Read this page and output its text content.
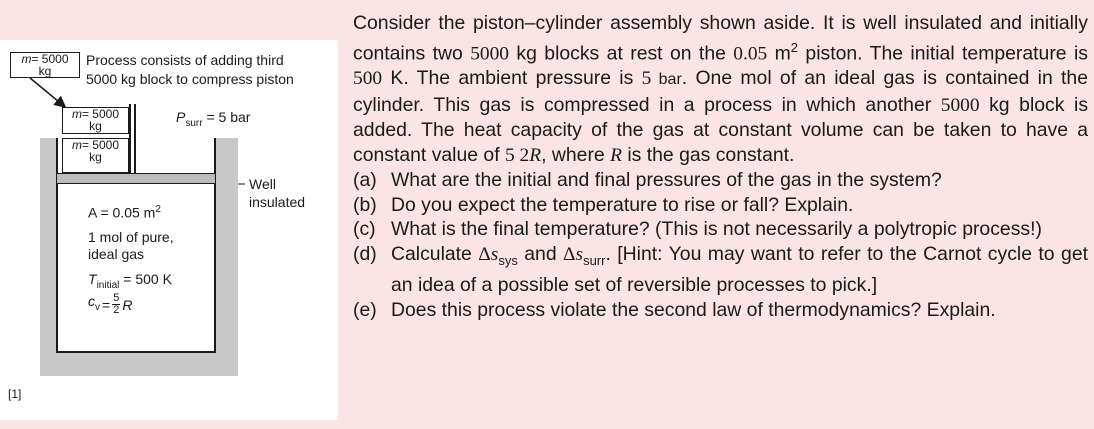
m= 5000
kg
Process consists of adding third
5000 kg block to compress piston
m= 5000
kg
m= 5000
kg
$P_{surr} = 5$ bar
Well
insulated
A = 0.05 $m^2$
1 mol of pure,
ideal gas
$T_{initial} = 500$ K
$c_v = \frac{5}{2}$ R
[1]

Consider the piston–cylinder assembly shown aside. It is well insulated and initially contains two 5000 kg blocks at rest on the 0.05 $m^2$ piston. The initial temperature is 500 K. The ambient pressure is 5 bar. One mol of an ideal gas is contained in the cylinder. This gas is compressed in a process in which another 5000 kg block is added. The heat capacity of the gas at constant volume can be taken to have a constant value of 5 2R, where R is the gas constant.

(a) What are the initial and final pressures of the gas in the system?
(b) Do you expect the temperature to rise or fall? Explain.
(c) What is the final temperature? (This is not necessarily a polytropic process!)
(d) Calculate $\Delta s_{sys}$ and $\Delta s_{surr}$. [Hint: You may want to refer to the Carnot cycle to get an idea of a possible set of reversible processes to pick.]
(e) Does this process violate the second law of thermodynamics? Explain.
